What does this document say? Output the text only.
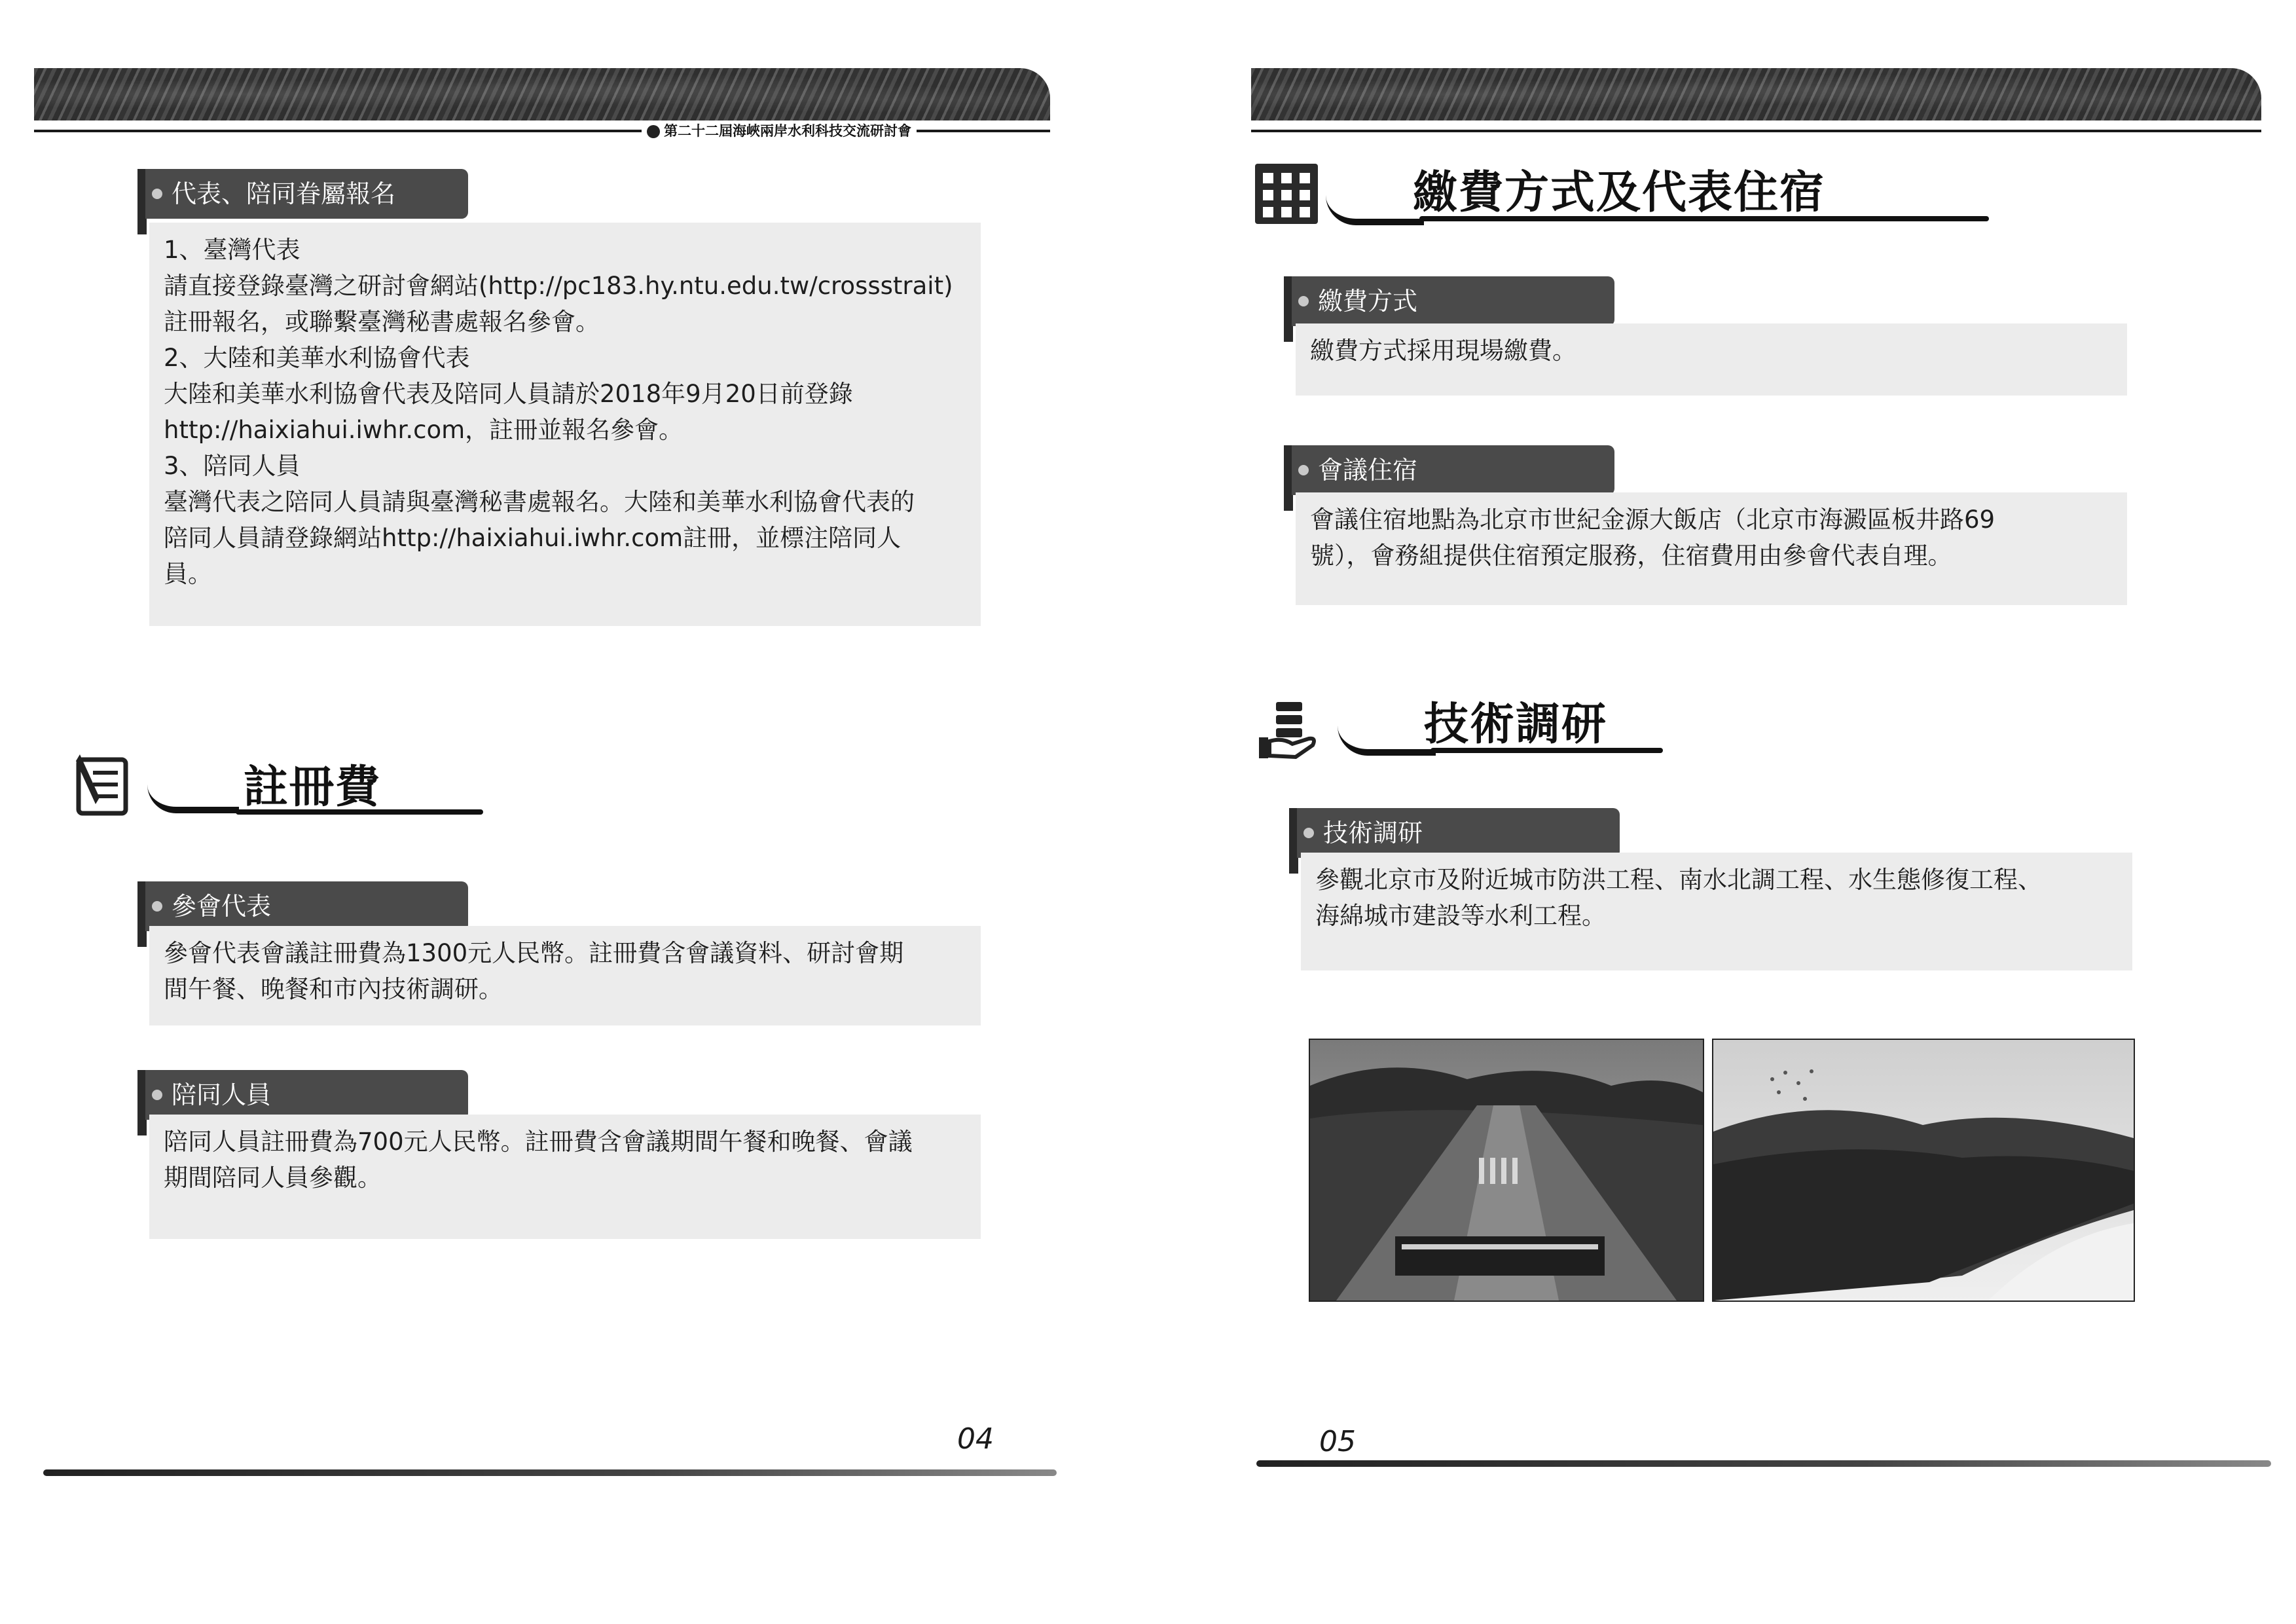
第二十二屆海峽兩岸水利科技交流研討會
代表、陪同眷屬報名

1、臺灣代表

請直接登錄臺灣之研討會網站(http://pc183.hy.ntu.edu.tw/crossstrait)

註冊報名，或聯繫臺灣秘書處報名參會。

2、大陸和美華水利協會代表

大陸和美華水利協會代表及陪同人員請於2018年9月20日前登錄

http://haixiahui.iwhr.com，註冊並報名參會。

3、陪同人員

臺灣代表之陪同人員請與臺灣秘書處報名。大陸和美華水利協會代表的

陪同人員請登錄網站http://haixiahui.iwhr.com註冊，並標注陪同人

員。

註冊費
參會代表

參會代表會議註冊費為1300元人民幣。註冊費含會議資料、研討會期

間午餐、晚餐和市內技術調研。

陪同人員

陪同人員註冊費為700元人民幣。註冊費含會議期間午餐和晚餐、會議

期間陪同人員參觀。

04
繳費方式及代表住宿
繳費方式

繳費方式採用現場繳費。

會議住宿

會議住宿地點為北京市世紀金源大飯店（北京市海澱區板井路69

號），會務組提供住宿預定服務，住宿費用由參會代表自理。

技術調研
技術調研

參觀北京市及附近城市防洪工程、南水北調工程、水生態修復工程、

海綿城市建設等水利工程。

05
